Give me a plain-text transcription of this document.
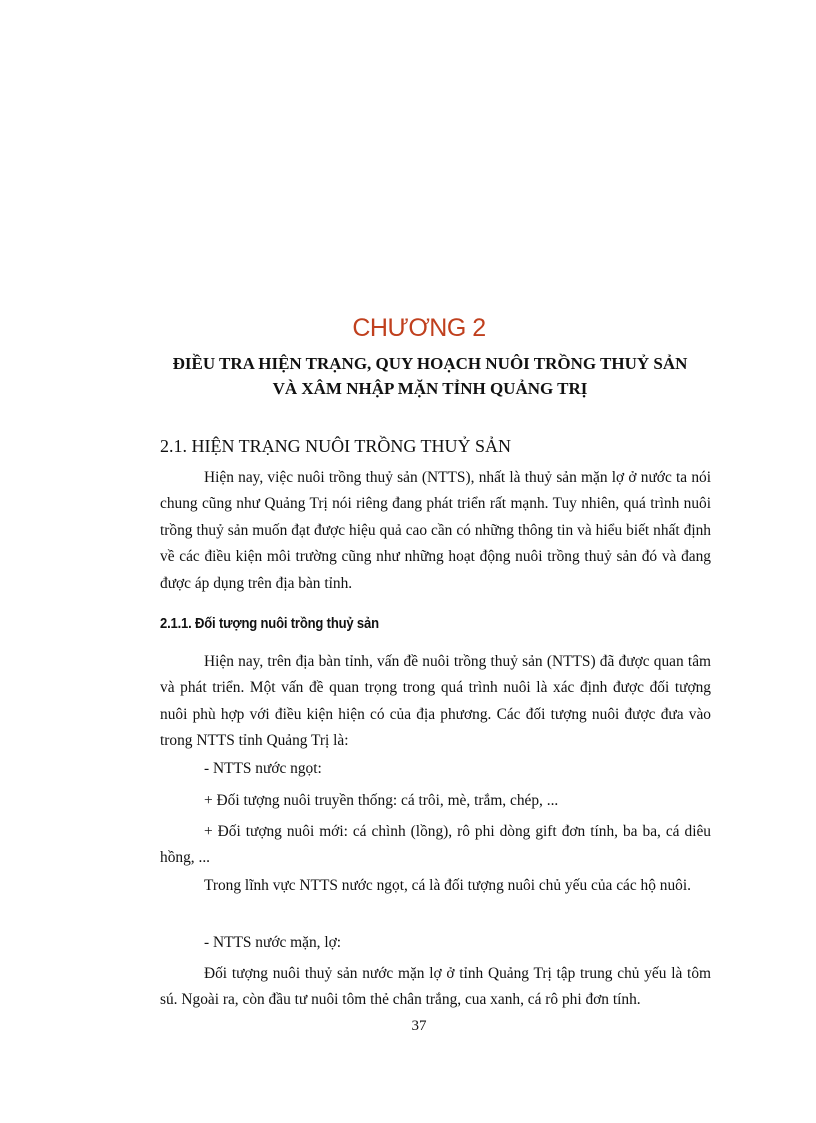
CHƯƠNG 2
ĐIỀU TRA HIỆN TRẠNG, QUY HOẠCH NUÔI TRỒNG THUỶ SẢN
VÀ XÂM NHẬP MẶN TỈNH QUẢNG TRỊ
2.1. HIỆN TRẠNG NUÔI TRỒNG THUỶ SẢN

Hiện nay, việc nuôi trồng thuỷ sản (NTTS), nhất là thuỷ sản mặn lợ ở nước ta nói chung cũng như Quảng Trị nói riêng đang phát triển rất mạnh. Tuy nhiên, quá trình nuôi trồng thuỷ sản muốn đạt được hiệu quả cao cần có những thông tin và hiểu biết nhất định về các điều kiện môi trường cũng như những hoạt động nuôi trồng thuỷ sản đó và đang được áp dụng trên địa bàn tỉnh.

2.1.1. Đối tượng nuôi trồng thuỷ sản

Hiện nay, trên địa bàn tỉnh, vấn đề nuôi trồng thuỷ sản (NTTS) đã được quan tâm và phát triển. Một vấn đề quan trọng trong quá trình nuôi là xác định được đối tượng nuôi phù hợp với điều kiện hiện có của địa phương. Các đối tượng nuôi được đưa vào trong NTTS tỉnh Quảng Trị là:

- NTTS nước ngọt:

+ Đối tượng nuôi truyền thống: cá trôi, mè, trắm, chép, ...

+ Đối tượng nuôi mới: cá chình (lồng), rô phi dòng gift đơn tính, ba ba, cá diêu hồng, ...

Trong lĩnh vực NTTS nước ngọt, cá là đối tượng nuôi chủ yếu của các hộ nuôi.

- NTTS nước mặn, lợ:

Đối tượng nuôi thuỷ sản nước mặn lợ ở tỉnh Quảng Trị tập trung chủ yếu là tôm sú. Ngoài ra, còn đầu tư nuôi tôm thẻ chân trắng, cua xanh, cá rô phi đơn tính.

37
